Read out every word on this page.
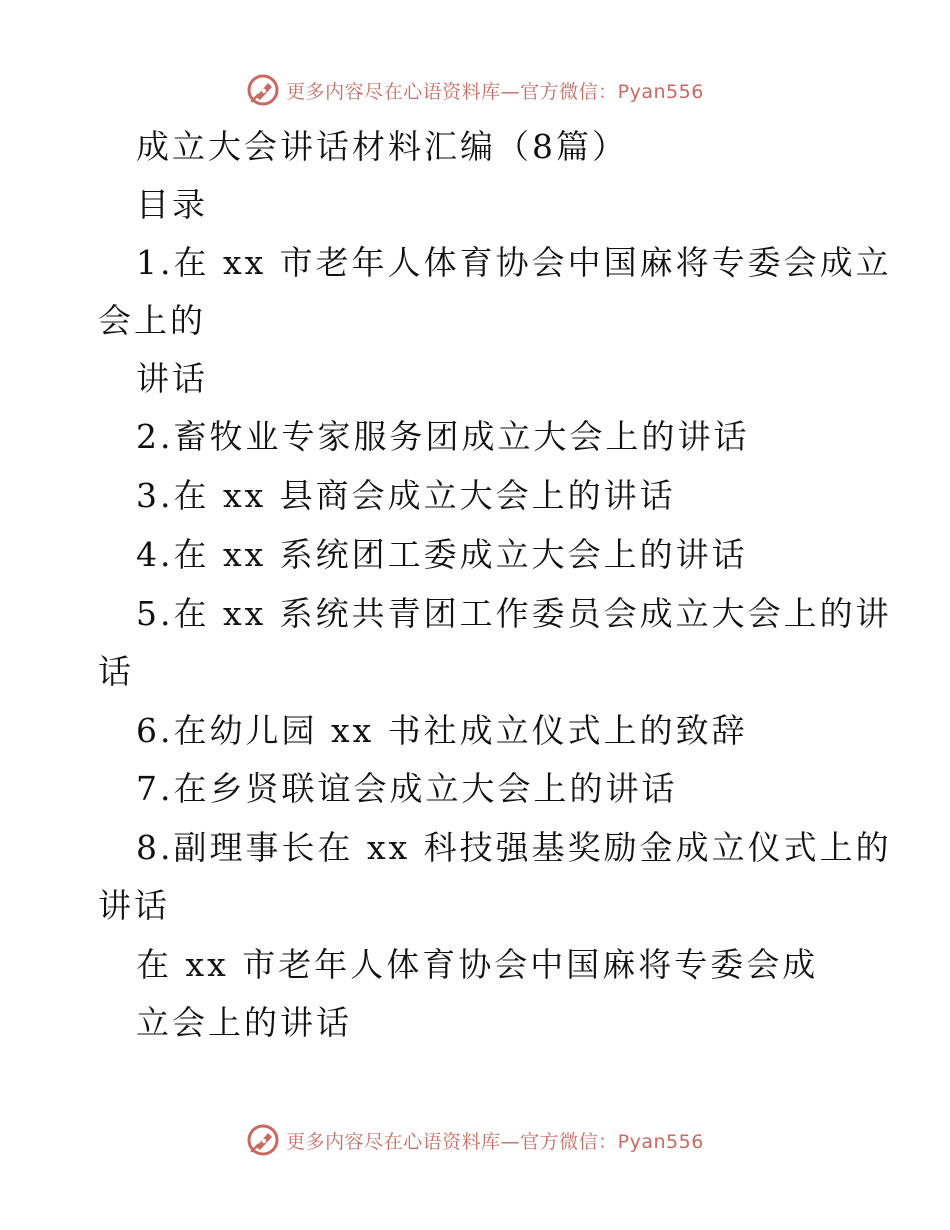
更多内容尽在心语资料库—官方微信：Pyan556
成立大会讲话材料汇编（8篇）
目录
1.在 xx 市老年人体育协会中国麻将专委会成立
会上的
讲话
2.畜牧业专家服务团成立大会上的讲话
3.在 xx 县商会成立大会上的讲话
4.在 xx 系统团工委成立大会上的讲话
5.在 xx 系统共青团工作委员会成立大会上的讲
话
6.在幼儿园 xx 书社成立仪式上的致辞
7.在乡贤联谊会成立大会上的讲话
8.副理事长在 xx 科技强基奖励金成立仪式上的
讲话
在 xx 市老年人体育协会中国麻将专委会成
立会上的讲话
更多内容尽在心语资料库—官方微信：Pyan556
